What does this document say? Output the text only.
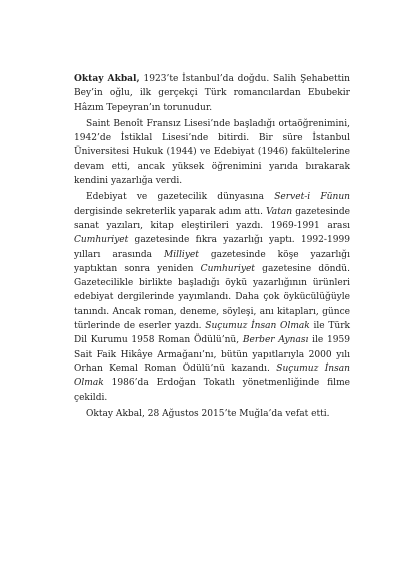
Oktay Akbal, 1923’te İstanbul’da doğdu. Salih Şehabettin Bey’in oğlu, ilk gerçekçi Türk romancılardan Ebubekir Hâzım Tepeyran’ın torunudur.

Saint Benoît Fransız Lisesi’nde başladığı ortaöğrenimini, 1942’de İstiklal Lisesi’nde bitirdi. Bir süre İstanbul Üniversitesi Hukuk (1944) ve Edebiyat (1946) fakültelerine devam etti, ancak yüksek öğrenimini yarıda bırakarak kendini yazarlığa verdi.

Edebiyat ve gazetecilik dünyasına Servet-i Fünun dergisinde sekreterlik yaparak adım attı. Vatan gazetesinde sanat yazıları, kitap eleştirileri yazdı. 1969-1991 arası Cumhuriyet gazetesinde fıkra yazarlığı yaptı. 1992-1999 yılları arasında Milliyet gazetesinde köşe yazarlığı yaptıktan sonra yeniden Cumhuriyet gazetesine döndü. Gazetecilikle birlikte başladığı öykü yazarlığının ürünleri edebiyat dergilerinde yayımlandı. Daha çok öykücülüğüyle tanındı. Ancak roman, deneme, söyleşi, anı kitapları, günce türlerinde de eserler yazdı. Suçumuz İnsan Olmak ile Türk Dil Kurumu 1958 Roman Ödülü’nü, Berber Aynası ile 1959 Sait Faik Hikâye Armağanı’nı, bütün yapıtlarıyla 2000 yılı Orhan Kemal Roman Ödülü’nü kazandı. Suçumuz İnsan Olmak 1986’da Erdoğan Tokatlı yönetmenliğinde filme çekildi.

Oktay Akbal, 28 Ağustos 2015’te Muğla’da vefat etti.
